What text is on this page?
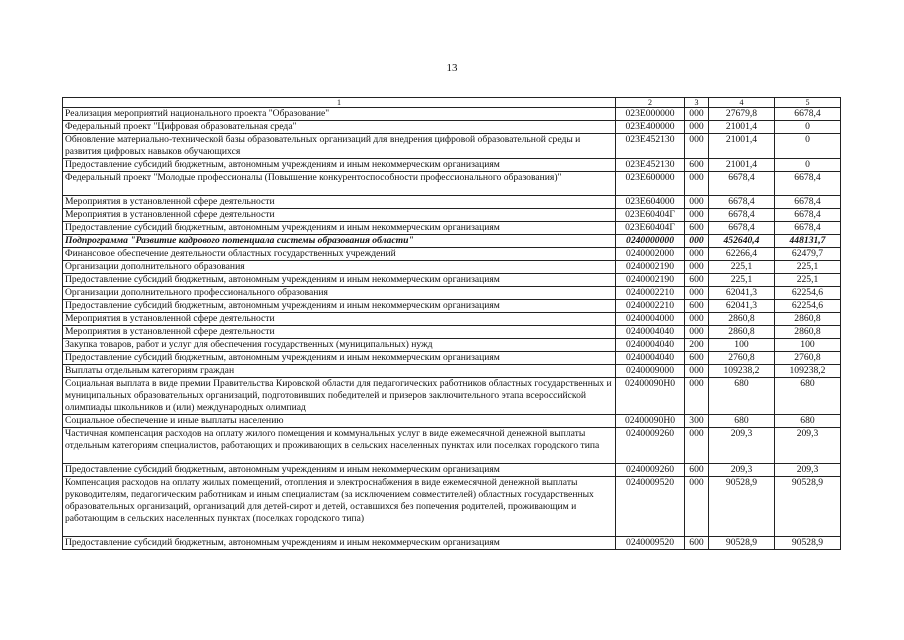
13
1	2	3	4	5
Реализация мероприятий национального проекта "Образование"	023E000000	000	27679,8	6678,4
Федеральный проект "Цифровая образовательная среда"	023E400000	000	21001,4	0
Обновление материально-технической базы образовательных организаций для внедрения цифровой образовательной среды и развития цифровых навыков обучающихся	023E452130	000	21001,4	0
Предоставление субсидий бюджетным, автономным учреждениям и иным некоммерческим организациям	023E452130	600	21001,4	0
Федеральный проект "Молодые профессионалы (Повышение конкурентоспособности профессионального образования)"	023E600000	000	6678,4	6678,4
Мероприятия в установленной сфере деятельности	023E604000	000	6678,4	6678,4
Мероприятия в установленной сфере деятельности	023E60404Г	000	6678,4	6678,4
Предоставление субсидий бюджетным, автономным учреждениям и иным некоммерческим организациям	023E60404Г	600	6678,4	6678,4
Подпрограмма "Развитие кадрового потенциала системы образования области"	0240000000	000	452640,4	448131,7
Финансовое обеспечение деятельности областных государственных учреждений	0240002000	000	62266,4	62479,7
Организации дополнительного образования	0240002190	000	225,1	225,1
Предоставление субсидий бюджетным, автономным учреждениям и иным некоммерческим организациям	0240002190	600	225,1	225,1
Организации дополнительного профессионального образования	0240002210	000	62041,3	62254,6
Предоставление субсидий бюджетным, автономным учреждениям и иным некоммерческим организациям	0240002210	600	62041,3	62254,6
Мероприятия в установленной сфере деятельности	0240004000	000	2860,8	2860,8
Мероприятия в установленной сфере деятельности	0240004040	000	2860,8	2860,8
Закупка товаров, работ и услуг для обеспечения государственных (муниципальных) нужд	0240004040	200	100	100
Предоставление субсидий бюджетным, автономным учреждениям и иным некоммерческим организациям	0240004040	600	2760,8	2760,8
Выплаты отдельным категориям граждан	0240009000	000	109238,2	109238,2
Социальная выплата в виде премии Правительства Кировской области для педагогических работников областных государственных и муниципальных образовательных организаций, подготовивших победителей и призеров заключительного этапа всероссийской олимпиады школьников и (или) международных олимпиад	02400090Н0	000	680	680
Социальное обеспечение и иные выплаты населению	02400090Н0	300	680	680
Частичная компенсация расходов на оплату жилого помещения и коммунальных услуг в виде ежемесячной денежной выплаты отдельным категориям специалистов, работающих и проживающих в сельских населенных пунктах или поселках городского типа	0240009260	000	209,3	209,3
Предоставление субсидий бюджетным, автономным учреждениям и иным некоммерческим организациям	0240009260	600	209,3	209,3
Компенсация расходов на оплату жилых помещений, отопления и электроснабжения в виде ежемесячной денежной выплаты руководителям, педагогическим работникам и иным специалистам (за исключением совместителей) областных государственных образовательных организаций, организаций для детей-сирот и детей, оставшихся без попечения родителей, проживающим и работающим в сельских населенных пунктах (поселках городского типа)	0240009520	000	90528,9	90528,9
Предоставление субсидий бюджетным, автономным учреждениям и иным некоммерческим организациям	0240009520	600	90528,9	90528,9
